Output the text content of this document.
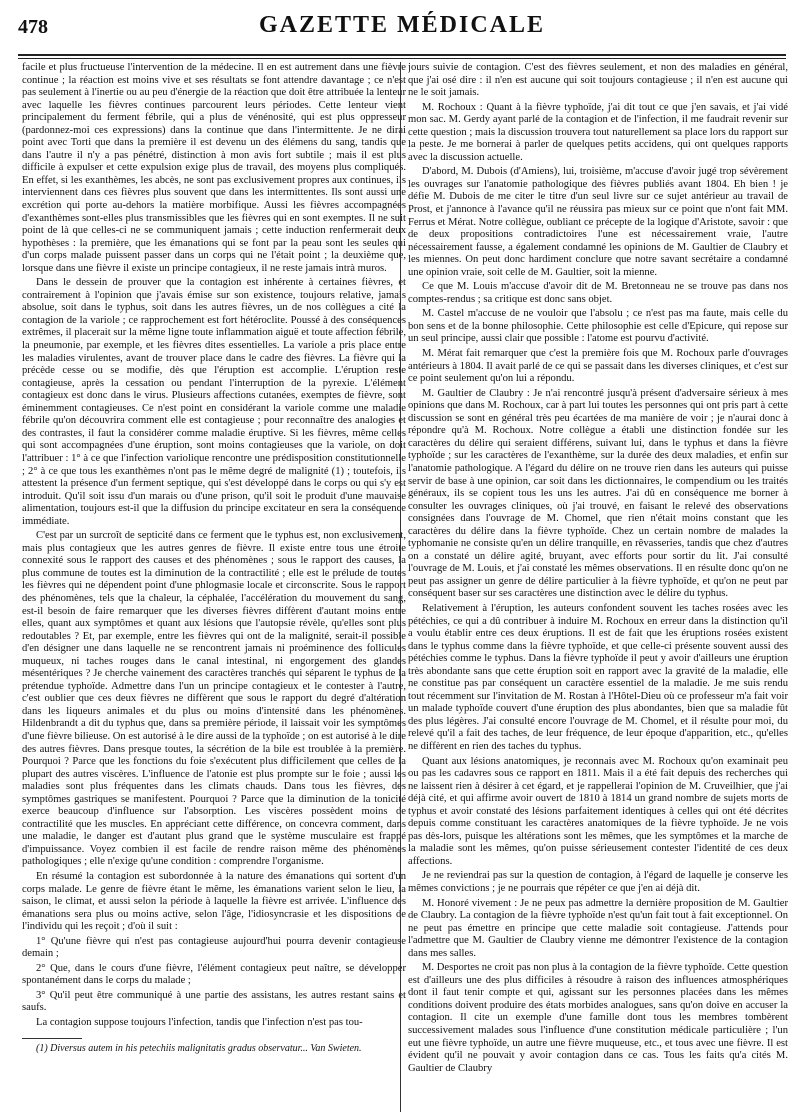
478	GAZETTE MÉDICALE

facile et plus fructueuse l'intervention de la médecine. Il en est autrement dans une fièvre continue ; la réaction est moins vive et ses résultats se font attendre davantage ; ce n'est pas seulement à l'inertie ou au peu d'énergie de la réaction que doit être attribuée la lenteur avec laquelle les fièvres continues parcourent leurs périodes. Cette lenteur vient principalement du ferment fébrile, qui a plus de vénénosité, qui est plus oppresseur (pardonnez-moi ces expressions) dans la continue que dans l'intermittente. Je ne dirai point avec Torti que dans la première il est devenu un des élémens du sang, tandis que dans l'autre il n'y a pas pénétré, distinction à mon avis fort subtile ; mais il est plus difficile à expulser et cette expulsion exige plus de travail, des moyens plus compliqués. En effet, si les exanthèmes, les abcès, ne sont pas exclusivement propres aux continues, ils interviennent dans ces fièvres plus souvent que dans les intermittentes. Ils sont aussi une excrétion qui porte au-dehors la matière morbifique. Aussi les fièvres accompagnées d'exanthèmes sont-elles plus transmissibles que les fièvres qui en sont exemptes. Il ne suit point de là que celles-ci ne se communiquent jamais ; cette induction renfermerait deux hypothèses : la première, que les émanations qui se font par la peau sont les seules qui d'un corps malade puissent passer dans un corps qui ne l'était point ; la deuxième que, lorsque dans une fièvre il existe un principe contagieux, il ne reste jamais intrà muros.

Dans le dessein de prouver que la contagion est inhérente à certaines fièvres, et contrairement à l'opinion que j'avais émise sur son existence, toujours relative, jamais absolue, soit dans le typhus, soit dans les autres fièvres, un de nos collègues a cité la contagion de la variole ; ce rapprochement est fort hétéroclite. Poussé à des conséquences extrêmes, il placerait sur la même ligne toute inflammation aiguë et toute affection fébrile, la pneumonie, par exemple, et les fièvres dites essentielles. La variole a pris place entre les maladies virulentes, avant de trouver place dans le cadre des fièvres. La fièvre qui la précède cesse ou se modifie, dès que l'éruption est accomplie. L'éruption reste contagieuse, après la cessation ou pendant l'interruption de la pyrexie. L'élément contagieux est donc dans le virus. Plusieurs affections cutanées, exemptes de fièvre, sont éminemment contagieuses. Ce n'est point en considérant la variole comme une maladie fébrile qu'on découvrira comment elle est contagieuse ; pour reconnaître des analogies et des contrastes, il faut la considérer comme maladie éruptive. Si les fièvres, même celles qui sont accompagnées d'une éruption, sont moins contagieuses que la variole, on doit l'attribuer : 1° à ce que l'infection variolique rencontre une prédisposition constitutionnelle ; 2° à ce que tous les exanthèmes n'ont pas le même degré de malignité (1) ; toutefois, ils attestent la présence d'un ferment septique, qui s'est développé dans le corps ou qui s'y est introduit. Qu'il soit issu d'un marais ou d'une prison, qu'il soit le produit d'une mauvaise alimentation, toujours est-il que la diffusion du principe excitateur en sera la conséquence immédiate.

C'est par un surcroît de septicité dans ce ferment que le typhus est, non exclusivement, mais plus contagieux que les autres genres de fièvre. Il existe entre tous une étroite connexité sous le rapport des causes et des phénomènes ; sous le rapport des causes, la plus commune de toutes est la diminution de la contractilité ; elle est le prélude de toutes les fièvres qui ne dépendent point d'une phlogmasie locale et circonscrite. Sous le rapport des phénomènes, tels que la chaleur, la céphalée, l'accélération du mouvement du sang, est-il besoin de faire remarquer que les diverses fièvres diffèrent d'autant moins entre elles, quant aux symptômes et quant aux lésions que l'autopsie révèle, qu'elles sont plus redoutables ? Et, par exemple, entre les fièvres qui ont de la malignité, serait-il possible d'en désigner une dans laquelle ne se rencontrent jamais ni proéminence des follicules muqueux, ni taches rouges dans le canal intestinal, ni engorgement des glandes mésentériques ? Je cherche vainement des caractères tranchés qui séparent le typhus de la prétendue typhoïde. Admettre dans l'un un principe contagieux et le contester à l'autre, c'est oublier que ces deux fièvres ne diffèrent que sous le rapport du degré d'altération dans les liqueurs animales et du plus ou moins d'intensité dans les phénomènes. Hildenbrandt a dit du typhus que, dans sa première période, il laissait voir les symptômes d'une fièvre bilieuse. On est autorisé à le dire aussi de la typhoïde ; on est autorisé à le dire des autres fièvres. Dans presque toutes, la sécrétion de la bile est troublée à la première. Pourquoi ? Parce que les fonctions du foie s'exécutent plus difficilement que celles de la plupart des autres viscères. L'influence de l'atonie est plus prompte sur le foie ; aussi les maladies sont plus fréquentes dans les climats chauds. Dans tous les fièvres, des symptômes gastriques se manifestent. Pourquoi ? Parce que la diminution de la tonicité exerce beaucoup d'influence sur l'absorption. Les viscères possèdent moins de contractilité que les muscles. En appréciant cette différence, on concevra comment, dans une maladie, le danger est d'autant plus grand que le système musculaire est frappé d'impuissance. Voyez combien il est facile de rendre raison même des phénomènes pathologiques ; elle n'exige qu'une condition : comprendre l'organisme.

En résumé la contagion est subordonnée à la nature des émanations qui sortent d'un corps malade. Le genre de fièvre étant le même, les émanations varient selon le lieu, la saison, le climat, et aussi selon la période à laquelle la fièvre est arrivée. L'influence des émanations sera plus ou moins active, selon l'âge, l'idiosyncrasie et les dispositions de l'individu qui les reçoit ; d'où il suit :

1° Qu'une fièvre qui n'est pas contagieuse aujourd'hui pourra devenir contagieuse demain ;

2° Que, dans le cours d'une fièvre, l'élément contagieux peut naître, se développer spontanément dans le corps du malade ;

3° Qu'il peut être communiqué à une partie des assistans, les autres restant sains et saufs.

La contagion suppose toujours l'infection, tandis que l'infection n'est pas tou-

(1) Diversus autem in his petechiis malignitatis gradus observatur... Van Swieten.

jours suivie de contagion. C'est des fièvres seulement, et non des maladies en général, que j'ai osé dire : il n'en est aucune qui soit toujours contagieuse ; il n'en est aucune qui ne le soit jamais.

M. Rochoux : Quant à la fièvre typhoïde, j'ai dit tout ce que j'en savais, et j'ai vidé mon sac. M. Gerdy ayant parlé de la contagion et de l'infection, il me faudrait revenir sur cette question ; mais la discussion trouvera tout naturellement sa place lors du rapport sur la peste. Je me bornerai à parler de quelques petits accidens, qui ont quelques rapports avec la discussion actuelle.

D'abord, M. Dubois (d'Amiens), lui, troisième, m'accuse d'avoir jugé trop sévèrement les ouvrages sur l'anatomie pathologique des fièvres publiés avant 1804. Eh bien ! je défie M. Dubois de me citer le titre d'un seul livre sur ce sujet antérieur au travail de Prost, et j'annonce à l'avance qu'il ne réussira pas mieux sur ce point que n'ont fait MM. Ferrus et Mérat. Notre collègue, oubliant ce précepte de la logique d'Aristote, savoir : que de deux propositions contradictoires l'une est nécessairement vraie, l'autre nécessairement fausse, a également condamné les opinions de M. Gaultier de Claubry et les miennes. On peut donc hardiment conclure que notre savant secrétaire a condamné une opinion vraie, soit celle de M. Gaultier, soit la mienne.

Ce que M. Louis m'accuse d'avoir dit de M. Bretonneau ne se trouve pas dans nos comptes-rendus ; sa critique est donc sans objet.

M. Castel m'accuse de ne vouloir que l'absolu ; ce n'est pas ma faute, mais celle du bon sens et de la bonne philosophie. Cette philosophie est celle d'Epicure, qui repose sur un seul principe, aussi clair que possible : l'atome est pourvu d'activité.

M. Mérat fait remarquer que c'est la première fois que M. Rochoux parle d'ouvrages antérieurs à 1804. Il avait parlé de ce qui se passait dans les diverses cliniques, et c'est sur ce point seulement qu'on lui a répondu.

M. Gaultier de Claubry : Je n'ai rencontré jusqu'à présent d'adversaire sérieux à mes opinions que dans M. Rochoux, car à part lui toutes les personnes qui ont pris part à cette discussion se sont en général très peu écartées de ma manière de voir ; je n'aurai donc à répondre qu'à M. Rochoux. Notre collègue a établi une distinction fondée sur les caractères du délire qui seraient différens, suivant lui, dans le typhus et dans la fièvre typhoïde ; sur les caractères de l'exanthème, sur la durée des deux maladies, et enfin sur l'anatomie pathologique. A l'égard du délire on ne trouve rien dans les auteurs qui puisse servir de base à une opinion, car soit dans les dictionnaires, le compendium ou les traités généraux, ils se copient tous les uns les autres. J'ai dû en conséquence me borner à consulter les ouvrages cliniques, où j'ai trouvé, en faisant le relevé des observations consignées dans l'ouvrage de M. Chomel, que rien n'était moins constant que les caractères du délire dans la fièvre typhoïde. Chez un certain nombre de malades la typhomanie ne consiste qu'en un délire tranquille, en rêvasseries, tandis que chez d'autres on a constaté un délire agité, bruyant, avec efforts pour sortir du lit. J'ai consulté l'ouvrage de M. Louis, et j'ai constaté les mêmes observations. Il en résulte donc qu'on ne peut pas assigner un genre de délire particulier à la fièvre typhoïde, et qu'on ne peut par conséquent baser sur ses caractères une distinction avec le délire du typhus.

Relativement à l'éruption, les auteurs confondent souvent les taches rosées avec les pétéchies, ce qui a dû contribuer à induire M. Rochoux en erreur dans la distinction qu'il a voulu établir entre ces deux éruptions. Il est de fait que les éruptions rosées existent dans le typhus comme dans la fièvre typhoïde, et que celle-ci présente souvent aussi des pétéchies comme le typhus. Dans la fièvre typhoïde il peut y avoir d'ailleurs une éruption très abondante sans que cette éruption soit en rapport avec la gravité de la maladie, elle ne constitue pas par conséquent un caractère essentiel de la maladie. Je me suis rendu tout récemment sur l'invitation de M. Rostan à l'Hôtel-Dieu où ce professeur m'a fait voir un malade typhoïde couvert d'une éruption des plus abondantes, bien que sa maladie fût des plus légères. J'ai consulté encore l'ouvrage de M. Chomel, et il résulte pour moi, du relevé qu'il a fait des taches, de leur fréquence, de leur époque d'apparition, etc., qu'elles ne diffèrent en rien des taches du typhus.

Quant aux lésions anatomiques, je reconnais avec M. Rochoux qu'on examinait peu ou pas les cadavres sous ce rapport en 1811. Mais il a été fait depuis des recherches qui ne laissent rien à désirer à cet égard, et je rappellerai l'opinion de M. Cruveilhier, que j'ai déjà cité, et qui affirme avoir ouvert de 1810 à 1814 un grand nombre de sujets morts de typhus et avoir constaté des lésions parfaitement identiques à celles qui ont été décrites depuis comme constituant les caractères anatomiques de la fièvre typhoïde. Je ne vois pas dès-lors, puisque les altérations sont les mêmes, que les symptômes et la marche de la maladie sont les mêmes, qu'on puisse sérieusement contester l'identité de ces deux affections.

Je ne reviendrai pas sur la question de contagion, à l'égard de laquelle je conserve les mêmes convictions ; je ne pourrais que répéter ce que j'en ai déjà dit.

M. Honoré vivement : Je ne peux pas admettre la dernière proposition de M. Gaultier de Claubry. La contagion de la fièvre typhoïde n'est qu'un fait tout à fait exceptionnel. On ne peut pas émettre en principe que cette maladie soit contagieuse. J'attends pour l'admettre que M. Gaultier de Claubry vienne me démontrer l'existence de la contagion dans mes salles.

M. Desportes ne croit pas non plus à la contagion de la fièvre typhoïde. Cette question est d'ailleurs une des plus difficiles à résoudre à raison des influences atmosphériques dont il faut tenir compte et qui, agissant sur les personnes placées dans les mêmes conditions doivent produire des états morbides analogues, sans qu'on doive en accuser la contagion. Il cite un exemple d'une famille dont tous les membres tombèrent successivement malades sous l'influence d'une constitution médicale particulière ; l'un eut une fièvre typhoïde, un autre une fièvre muqueuse, etc., et tous avec une fièvre. Il est évident qu'il ne pouvait y avoir contagion dans ce cas. Tous les faits qu'a cités M. Gaultier de Claubry
